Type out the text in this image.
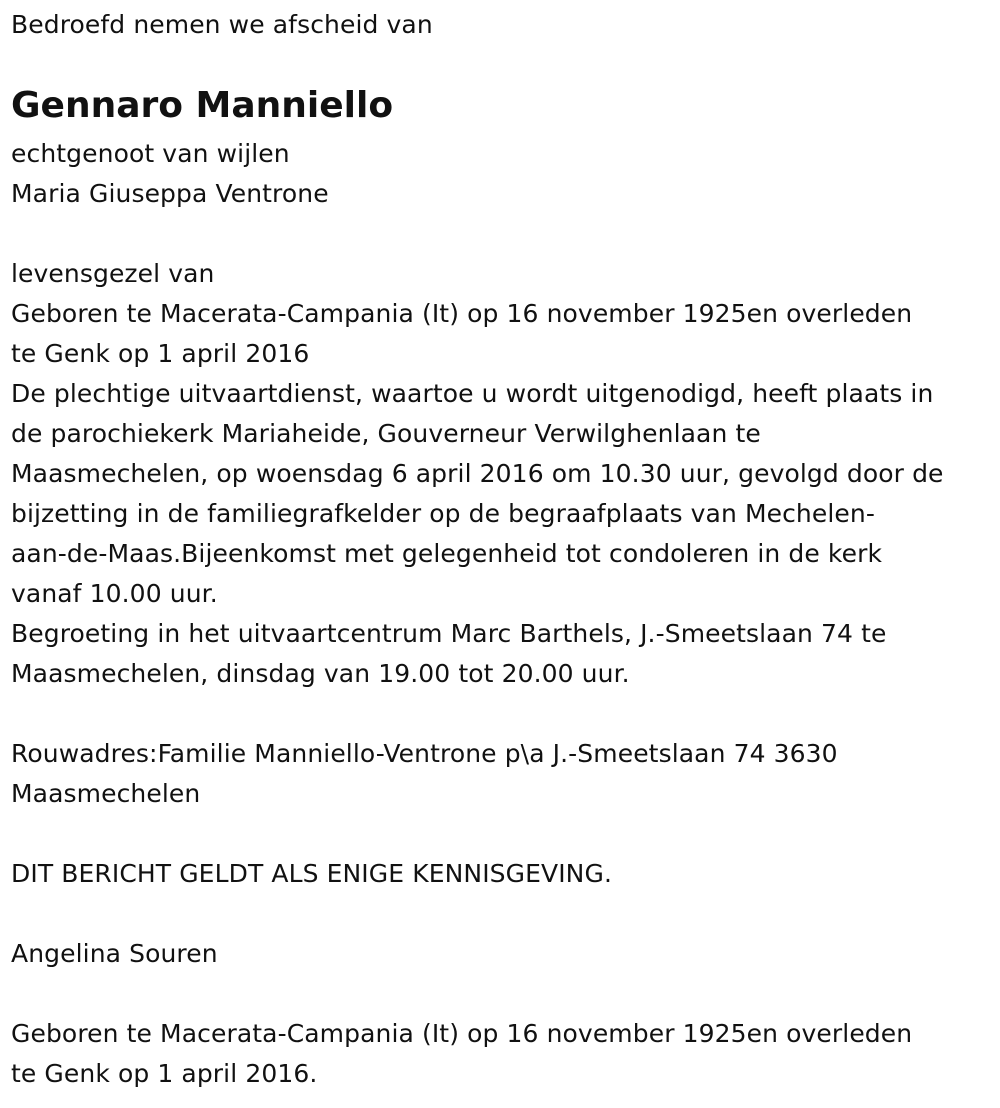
Bedroefd nemen we afscheid van
Gennaro Manniello
echtgenoot van wijlen
Maria Giuseppa Ventrone
levensgezel van
Geboren te Macerata-Campania (It) op 16 november 1925en overleden
te Genk op 1 april 2016
De plechtige uitvaartdienst, waartoe u wordt uitgenodigd, heeft plaats in
de parochiekerk Mariaheide, Gouverneur Verwilghenlaan te
Maasmechelen, op woensdag 6 april 2016 om 10.30 uur, gevolgd door de
bijzetting in de familiegrafkelder op de begraafplaats van Mechelen-
aan-de-Maas.Bijeenkomst met gelegenheid tot condoleren in de kerk
vanaf 10.00 uur.
Begroeting in het uitvaartcentrum Marc Barthels, J.-Smeetslaan 74 te
Maasmechelen, dinsdag van 19.00 tot 20.00 uur.
Rouwadres:Familie Manniello-Ventrone p\a J.-Smeetslaan 74 3630
Maasmechelen
DIT BERICHT GELDT ALS ENIGE KENNISGEVING.
Angelina Souren
Geboren te Macerata-Campania (It) op 16 november 1925en overleden
te Genk op 1 april 2016.
